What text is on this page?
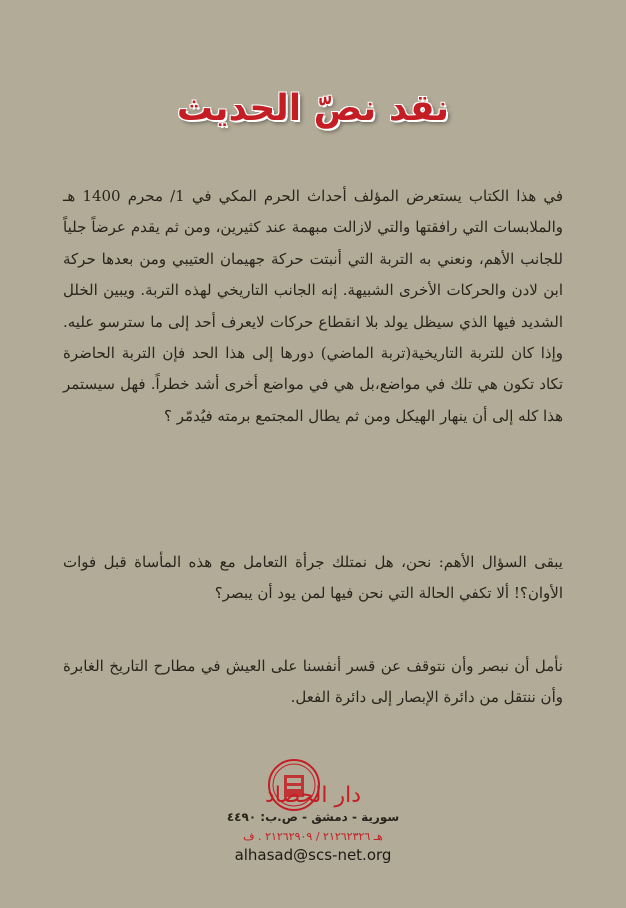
نقد نصّ الحديث

في هذا الكتاب يستعرض المؤلف أحداث الحرم المكي في 1/ محرم 1400 هـ والملابسات التي رافقتها والتي لازالت مبهمة عند كثيرين، ومن ثم يقدم عرضاً جلياً للجانب الأهم، ونعني به التربة التي أنبتت حركة جهيمان العتيبي ومن بعدها حركة ابن لادن والحركات الأخرى الشبيهة. إنه الجانب التاريخي لهذه التربة. ويبين الخلل الشديد فيها الذي سيظل يولد بلا انقطاع حركات لايعرف أحد إلى ما سترسو عليه. وإذا كان للتربة التاريخية(تربة الماضي) دورها إلى هذا الحد فإن التربة الحاضرة تكاد تكون هي تلك في مواضع،بل هي في مواضع أخرى أشد خطراً. فهل سيستمر هذا كله إلى أن ينهار الهيكل ومن ثم يطال المجتمع برمته فيُدمّر ؟

يبقى السؤال الأهم: نحن، هل نمتلك جرأة التعامل مع هذه المأساة قبل فوات الأوان؟! ألا تكفي الحالة التي نحن فيها لمن يود أن يبصر؟

نأمل أن نبصر وأن نتوقف عن قسر أنفسنا على العيش في مطارح التاريخ الغابرة وأن ننتقل من دائرة الإبصار إلى دائرة الفعل.

دار الحصاد
سورية - دمشق - ص.ب: ٤٤٩٠
هـ ٢١٢٦٢٣٢٦ / ٢١٢٦٢٩٠٩ . ف
alhasad@scs-net.org
